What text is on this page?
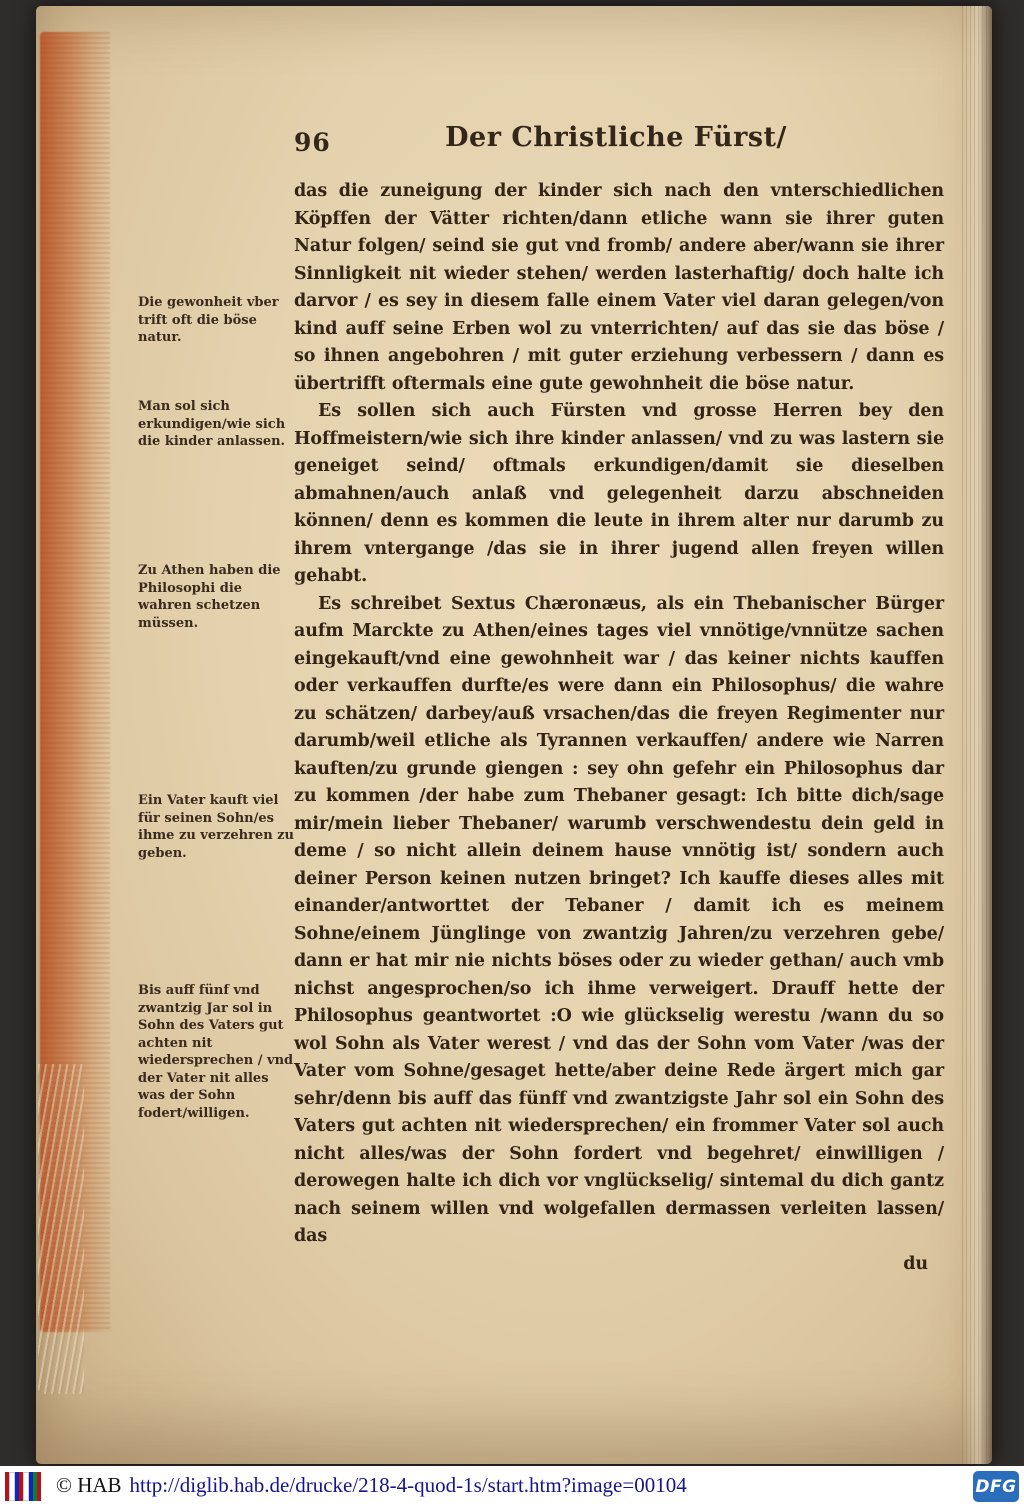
96	Der Christliche Fürst/
Die gewonheit vber trift oft die böse natur.
Man sol sich erkundigen/wie sich die kinder anlassen.
Zu Athen haben die Philosophi die wahren schetzen müssen.
Ein Vater kauft viel für seinen Sohn/es ihme zu verzehren zu geben.
Bis auff fünf vnd zwantzig Jar sol in Sohn des Vaters gut achten nit wiedersprechen / vnd der Vater nit alles was der Sohn fodert/willigen.

das die zuneigung der kinder sich nach den vnterschiedlichen Köpffen der Vätter richten/dann etliche wann sie ihrer guten Natur folgen/ seind sie gut vnd fromb/ andere aber/wann sie ihrer Sinnligkeit nit wieder stehen/ werden lasterhaftig/ doch halte ich darvor / es sey in diesem falle einem Vater viel daran gelegen/von kind auff seine Erben wol zu vnterrichten/ auf das sie das böse / so ihnen angebohren / mit guter erziehung verbessern / dann es übertrifft oftermals eine gute gewohnheit die böse natur.

Es sollen sich auch Fürsten vnd grosse Herren bey den Hoffmeistern/wie sich ihre kinder anlassen/ vnd zu was lastern sie geneiget seind/ oftmals erkundigen/damit sie dieselben abmahnen/auch anlaß vnd gelegenheit darzu abschneiden können/ denn es kommen die leute in ihrem alter nur darumb zu ihrem vntergange /das sie in ihrer jugend allen freyen willen gehabt.

Es schreibet Sextus Chæronæus, als ein Thebanischer Bürger aufm Marckte zu Athen/eines tages viel vnnötige/vnnütze sachen eingekauft/vnd eine gewohnheit war / das keiner nichts kauffen oder verkauffen durfte/es were dann ein Philosophus/ die wahre zu schätzen/ darbey/auß vrsachen/das die freyen Regimenter nur darumb/weil etliche als Tyrannen verkauffen/ andere wie Narren kauften/zu grunde giengen : sey ohn gefehr ein Philosophus dar zu kommen /der habe zum Thebaner gesagt: Ich bitte dich/sage mir/mein lieber Thebaner/ warumb verschwendestu dein geld in deme / so nicht allein deinem hause vnnötig ist/ sondern auch deiner Person keinen nutzen bringet? Ich kauffe dieses alles mit einander/antworttet der Tebaner / damit ich es meinem Sohne/einem Jünglinge von zwantzig Jahren/zu verzehren gebe/ dann er hat mir nie nichts böses oder zu wieder gethan/ auch vmb nichst angesprochen/so ich ihme verweigert. Drauff hette der Philosophus geantwortet :O wie glückselig werestu /wann du so wol Sohn als Vater werest / vnd das der Sohn vom Vater /was der Vater vom Sohne/gesaget hette/aber deine Rede ärgert mich gar sehr/denn bis auff das fünff vnd zwantzigste Jahr sol ein Sohn des Vaters gut achten nit wiedersprechen/ ein frommer Vater sol auch nicht alles/was der Sohn fordert vnd begehret/ einwilligen / derowegen halte ich dich vor vnglückselig/ sintemal du dich gantz nach seinem willen vnd wolgefallen dermassen verleiten lassen/ das

du

© HAB http://diglib.hab.de/drucke/218-4-quod-1s/start.htm?image=00104	DFG
